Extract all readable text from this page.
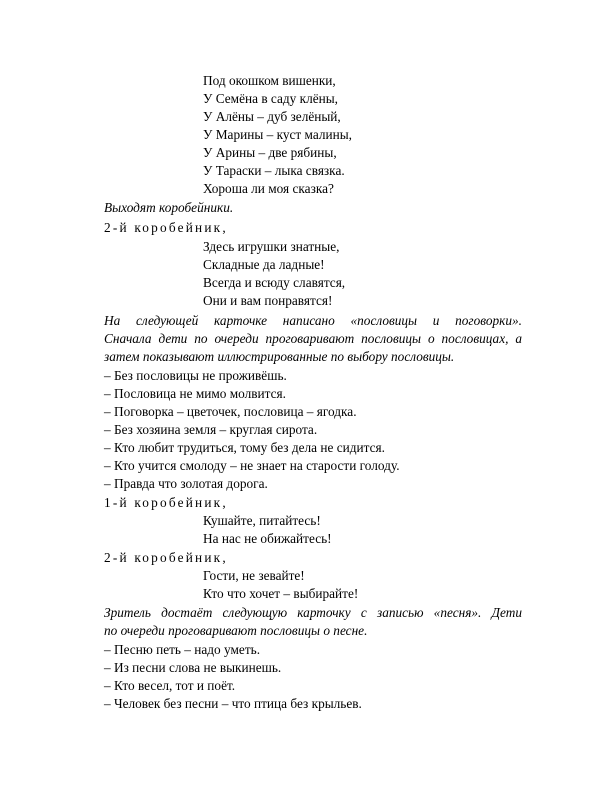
Под окошком вишенки,
У Семёна в саду клёны,
У Алёны – дуб зелёный,
У Марины – куст малины,
У Арины – две рябины,
У Тараски – лыка связка.
Хороша ли моя сказка?
Выходят коробейники.
2-й коробейник,
Здесь игрушки знатные,
Складные да ладные!
Всегда и всюду славятся,
Они и вам понравятся!
На следующей карточке написано «пословицы и поговорки».
Сначала дети по очереди проговаривают пословицы о пословицах, а
затем показывают иллюстрированные по выбору пословицы.
– Без пословицы не проживёшь.
– Пословица не мимо молвится.
– Поговорка – цветочек, пословица – ягодка.
– Без хозяина земля – круглая сирота.
– Кто любит трудиться, тому без дела не сидится.
– Кто учится смолоду – не знает на старости голоду.
– Правда что золотая дорога.
1-й коробейник,
Кушайте, питайтесь!
На нас не обижайтесь!
2-й коробейник,
Гости, не зевайте!
Кто что хочет – выбирайте!
Зритель достаёт следующую карточку с записью «песня». Дети
по очереди проговаривают пословицы о песне.
– Песню петь – надо уметь.
– Из песни слова не выкинешь.
– Кто весел, тот и поёт.
– Человек без песни – что птица без крыльев.
